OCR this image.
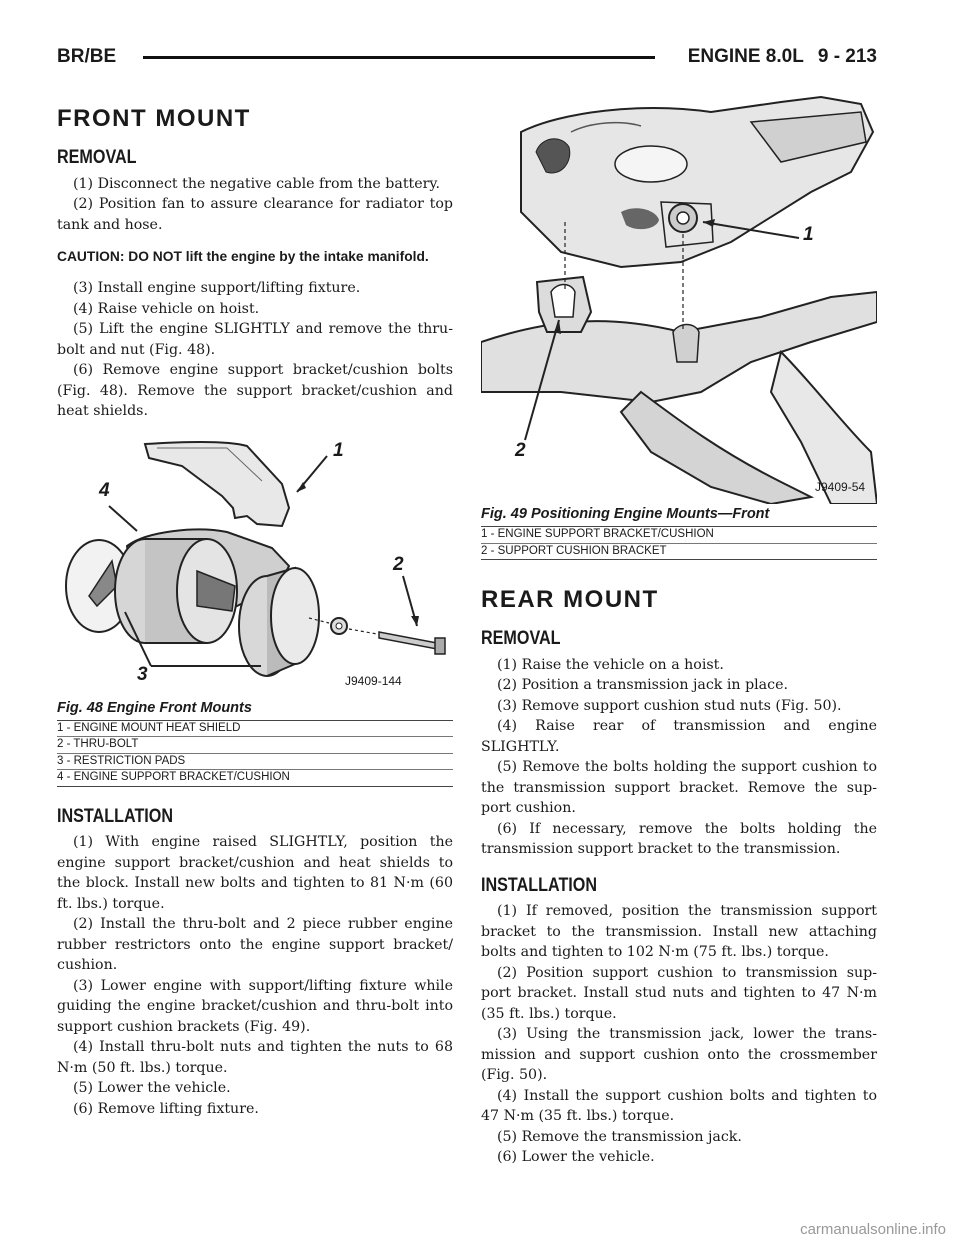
BR/BE	ENGINE 8.0L 9 - 213
FRONT MOUNT
REMOVAL

(1) Disconnect the negative cable from the battery.

(2) Position fan to assure clearance for radiator top tank and hose.

CAUTION: DO NOT lift the engine by the intake manifold.

(3) Install engine support/lifting fixture.

(4) Raise vehicle on hoist.

(5) Lift the engine SLIGHTLY and remove the thru-bolt and nut (Fig. 48).

(6) Remove engine support bracket/cushion bolts (Fig. 48). Remove the support bracket/cushion and heat shields.

1
4
2
3	J9409-144
Fig. 48 Engine Front Mounts
1 - ENGINE MOUNT HEAT SHIELD
2 - THRU-BOLT
3 - RESTRICTION PADS
4 - ENGINE SUPPORT BRACKET/CUSHION
INSTALLATION

(1) With engine raised SLIGHTLY, position the engine support bracket/cushion and heat shields to the block. Install new bolts and tighten to 81 N·m (60 ft. lbs.) torque.

(2) Install the thru-bolt and 2 piece rubber engine rubber restrictors onto the engine support bracket/ cushion.

(3) Lower engine with support/lifting fixture while guiding the engine bracket/cushion and thru-bolt into support cushion brackets (Fig. 49).

(4) Install thru-bolt nuts and tighten the nuts to 68 N·m (50 ft. lbs.) torque.

(5) Lower the vehicle.

(6) Remove lifting fixture.

1
2
J9409-54
Fig. 49 Positioning Engine Mounts—Front
1 - ENGINE SUPPORT BRACKET/CUSHION
2 - SUPPORT CUSHION BRACKET
REAR MOUNT
REMOVAL

(1) Raise the vehicle on a hoist.

(2) Position a transmission jack in place.

(3) Remove support cushion stud nuts (Fig. 50).

(4) Raise rear of transmission and engine SLIGHTLY.

(5) Remove the bolts holding the support cushion to the transmission support bracket. Remove the sup- port cushion.

(6) If necessary, remove the bolts holding the transmission support bracket to the transmission.

INSTALLATION

(1) If removed, position the transmission support bracket to the transmission. Install new attaching bolts and tighten to 102 N·m (75 ft. lbs.) torque.

(2) Position support cushion to transmission sup- port bracket. Install stud nuts and tighten to 47 N·m (35 ft. lbs.) torque.

(3) Using the transmission jack, lower the trans- mission and support cushion onto the crossmember (Fig. 50).

(4) Install the support cushion bolts and tighten to 47 N·m (35 ft. lbs.) torque.

(5) Remove the transmission jack.

(6) Lower the vehicle.

carmanualsonline.info
